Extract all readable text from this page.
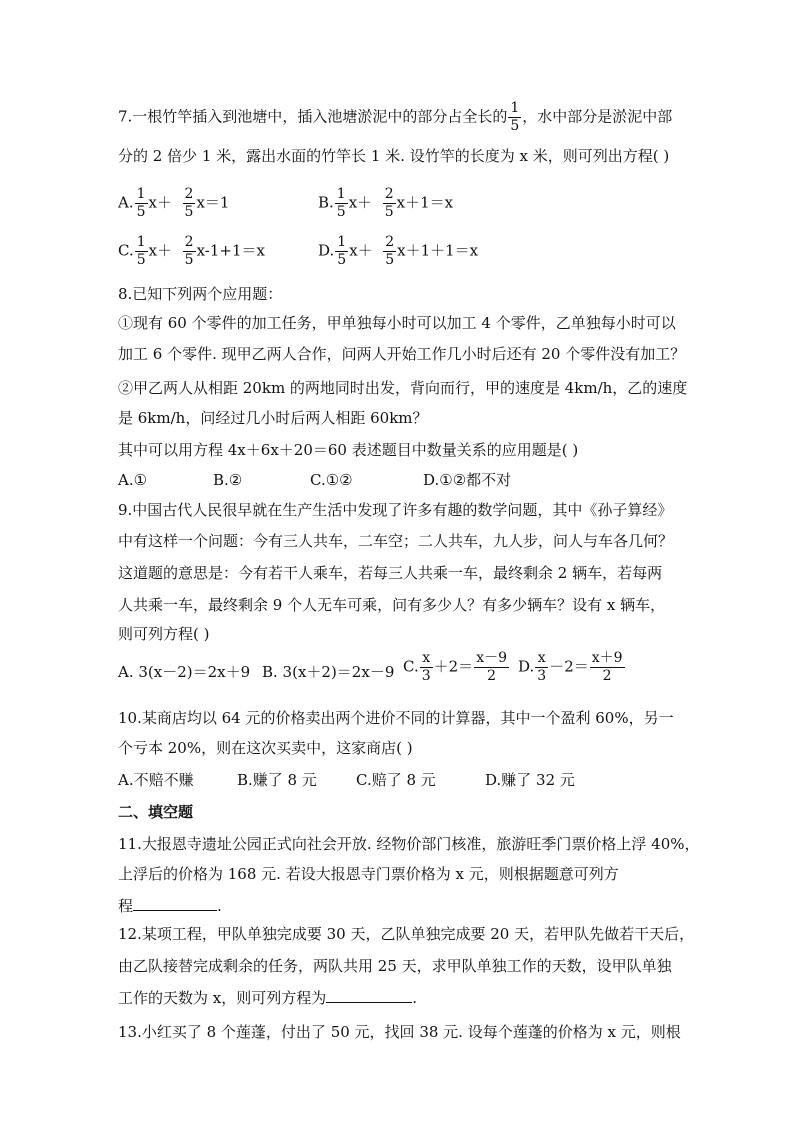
7.一根竹竿插入到池塘中，插入池塘淤泥中的部分占全长的 $\frac{1}{5}$ ，水中部分是淤泥中部
分的 2 倍少 1 米，露出水面的竹竿长 1 米. 设竹竿的长度为 x 米，则可列出方程( )
A. $\frac{1}{5} x+ \frac{2}{5} x=1$	B. $\frac{1}{5} x+ \frac{2}{5} x+1=x$
C. $\frac{1}{5} x+ \frac{2}{5} x-1+1=x$	D. $\frac{1}{5} x+ \frac{2}{5} x+1+1=x$
8.已知下列两个应用题：
①现有 60 个零件的加工任务，甲单独每小时可以加工 4 个零件，乙单独每小时可以
加工 6 个零件. 现甲乙两人合作，问两人开始工作几小时后还有 20 个零件没有加工？
②甲乙两人从相距 20km 的两地同时出发，背向而行，甲的速度是 4km/h，乙的速度
是 6km/h，问经过几小时后两人相距 60km？
其中可以用方程 4x＋6x＋20＝60 表述题目中数量关系的应用题是( )
A.①	B.②	C.①②	D.①②都不对
9.中国古代人民很早就在生产生活中发现了许多有趣的数学问题，其中《孙子算经》
中有这样一个问题：今有三人共车，二车空；二人共车，九人步，问人与车各几何？
这道题的意思是：今有若干人乘车，若每三人共乘一车，最终剩余 2 辆车，若每两
人共乘一车，最终剩余 9 个人无车可乘，问有多少人？有多少辆车？设有 x 辆车，
则可列方程( )
A. 3(x－2)＝2x＋9 B. 3(x＋2)＝2x－9 C. $\frac{x}{3} +2= \frac{x-9}{2} D$. $\frac{x}{3} -2= \frac{x+9}{2}$
10.某商店均以 64 元的价格卖出两个进价不同的计算器，其中一个盈利 60%，另一
个亏本 20%，则在这次买卖中，这家商店( )
A.不赔不赚	B.赚了 8 元	C.赔了 8 元	D.赚了 32 元
二、填空题
11.大报恩寺遗址公园正式向社会开放. 经物价部门核准，旅游旺季门票价格上浮 40%，
上浮后的价格为 168 元. 若设大报恩寺门票价格为 x 元，则根据题意可列方
程	.
12.某项工程，甲队单独完成要 30 天，乙队单独完成要 20 天，若甲队先做若干天后，
由乙队接替完成剩余的任务，两队共用 25 天，求甲队单独工作的天数，设甲队单独
工作的天数为 x，则可列方程为	.
13.小红买了 8 个莲蓬，付出了 50 元，找回 38 元. 设每个莲蓬的价格为 x 元，则根
